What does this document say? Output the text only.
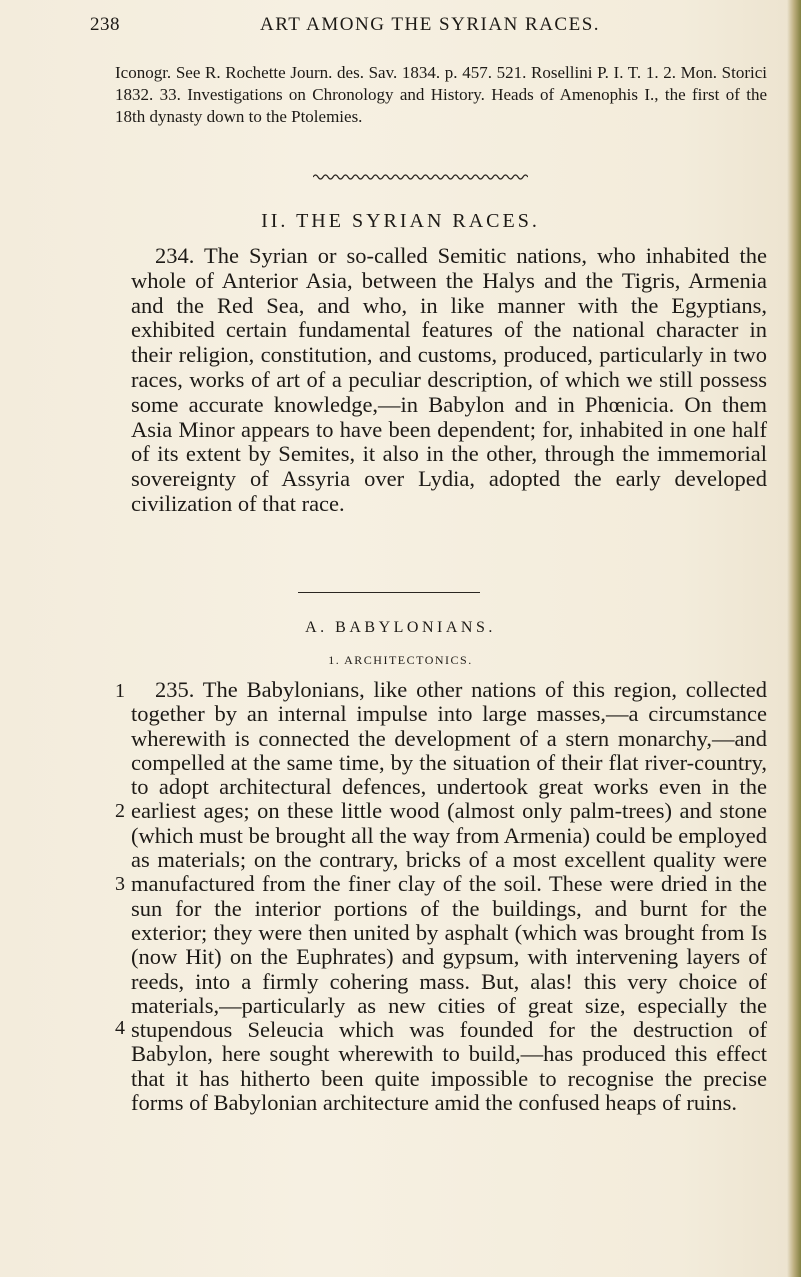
238	ART AMONG THE SYRIAN RACES.
Iconogr. See R. Rochette Journ. des. Sav. 1834. p. 457. 521. Rosellini P. I. T. 1. 2. Mon. Storici 1832. 33. Investigations on Chronology and History. Heads of Amenophis I., the first of the 18th dynasty down to the Ptolemies.
II. THE SYRIAN RACES.
234. The Syrian or so-called Semitic nations, who inhabited the whole of Anterior Asia, between the Halys and the Tigris, Armenia and the Red Sea, and who, in like manner with the Egyptians, exhibited certain fundamental features of the national character in their religion, constitution, and customs, produced, particularly in two races, works of art of a peculiar description, of which we still possess some accurate knowledge,—in Babylon and in Phœnicia. On them Asia Minor appears to have been dependent; for, inhabited in one half of its extent by Semites, it also in the other, through the immemorial sovereignty of Assyria over Lydia, adopted the early developed civilization of that race.
A. BABYLONIANS.
1. ARCHITECTONICS.
235. The Babylonians, like other nations of this region, collected together by an internal impulse into large masses,—a circumstance wherewith is connected the development of a stern monarchy,—and compelled at the same time, by the situation of their flat river-country, to adopt architectural defences, undertook great works even in the earliest ages; on these little wood (almost only palm-trees) and stone (which must be brought all the way from Armenia) could be employed as materials; on the contrary, bricks of a most excellent quality were manufactured from the finer clay of the soil. These were dried in the sun for the interior portions of the buildings, and burnt for the exterior; they were then united by asphalt (which was brought from Is (now Hit) on the Euphrates) and gypsum, with intervening layers of reeds, into a firmly cohering mass. But, alas! this very choice of materials,—particularly as new cities of great size, especially the stupendous Seleucia which was founded for the destruction of Babylon, here sought wherewith to build,—has produced this effect that it has hitherto been quite impossible to recognise the precise forms of Babylonian architecture amid the confused heaps of ruins.
1
2
3
4
